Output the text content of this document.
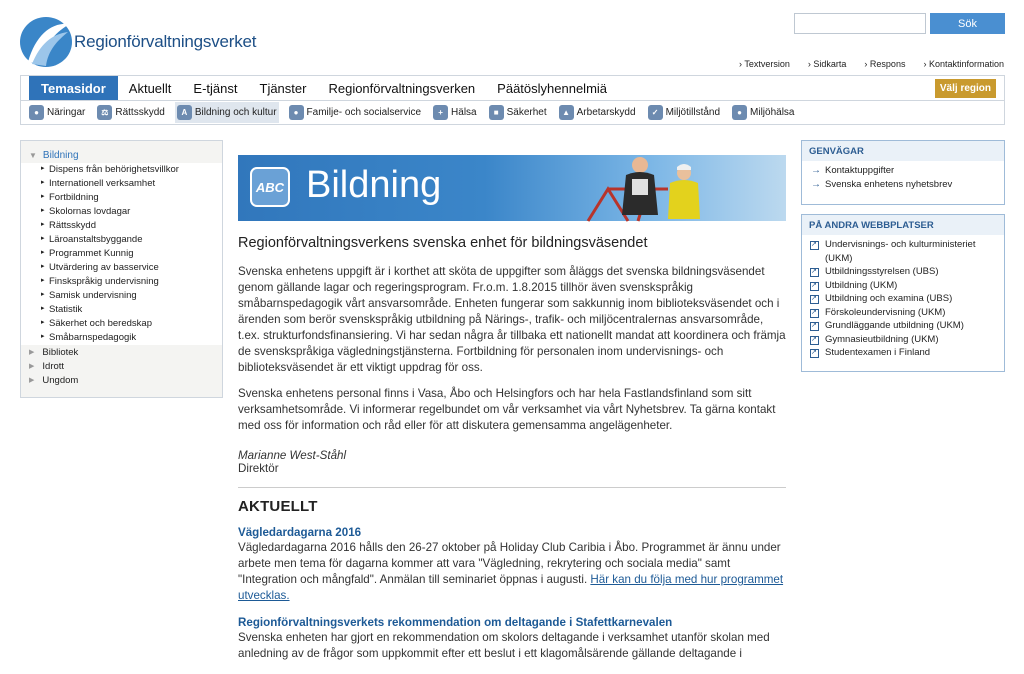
Regionförvaltningsverket
Sök
› Textversion	› Sidkarta	› Respons	› Kontaktinformation
Temasidor	Aktuellt	E-tjänst	Tjänster	Regionförvaltningsverken	Päätöslyhennelmiä	Välj region
● Näringar	⚖ Rättsskydd	A Bildning och kultur	● Familje- och socialservice	+ Hälsa	■ Säkerhet	▲ Arbetarskydd	✓ Miljötillstånd	● Miljöhälsa
▼ Bildning
▸ Dispens från behörighetsvillkor
▸ Internationell verksamhet
▸ Fortbildning
▸ Skolornas lovdagar
▸ Rättsskydd
▸ Läroanstaltsbyggande
▸ Programmet Kunnig
▸ Utvärdering av basservice
▸ Finskspråkig undervisning
▸ Samisk undervisning
▸ Statistik
▸ Säkerhet och beredskap
▸ Småbarnspedagogik
▶ Bibliotek
▶ Idrott
▶ Ungdom
ABC Bildning
Regionförvaltningsverkens svenska enhet för bildningsväsendet

Svenska enhetens uppgift är i korthet att sköta de uppgifter som åläggs det svenska bildningsväsendet genom gällande lagar och regeringsprogram. Fr.o.m. 1.8.2015 tillhör även svenskspråkig småbarnspedagogik vårt ansvarsområde. Enheten fungerar som sakkunnig inom biblioteksväsendet och i ärenden som berör svenskspråkig utbildning på Närings-, trafik- och miljöcentralernas ansvarsområde, t.ex. strukturfondsfinansiering. Vi har sedan några år tillbaka ett nationellt mandat att koordinera och främja de svenskspråkiga vägledningstjänsterna. Fortbildning för personalen inom undervisnings- och biblioteksväsendet är ett viktigt uppdrag för oss.

Svenska enhetens personal finns i Vasa, Åbo och Helsingfors och har hela Fastlandsfinland som sitt verksamhetsområde. Vi informerar regelbundet om vår verksamhet via vårt Nyhetsbrev. Ta gärna kontakt med oss för information och råd eller för att diskutera gemensamma angelägenheter.

Marianne West-Ståhl
Direktör
AKTUELLT
Vägledardagarna 2016
Vägledardagarna 2016 hålls den 26-27 oktober på Holiday Club Caribia i Åbo. Programmet är ännu under arbete men tema för dagarna kommer att vara "Vägledning, rekrytering och sociala media" samt "Integration och mångfald". Anmälan till seminariet öppnas i augusti. Här kan du följa med hur programmet utvecklas.
Regionförvaltningsverkets rekommendation om deltagande i Stafettkarnevalen
Svenska enheten har gjort en rekommendation om skolors deltagande i verksamhet utanför skolan med anledning av de frågor som uppkommit efter ett beslut i ett klagomålsärende gällande deltagande i
GENVÄGAR
→ Kontaktuppgifter
→ Svenska enhetens nyhetsbrev
PÅ ANDRA WEBBPLATSER
↗ Undervisnings- och kulturministeriet (UKM)
↗ Utbildningsstyrelsen (UBS)
↗ Utbildning (UKM)
↗ Utbildning och examina (UBS)
↗ Förskoleundervisning (UKM)
↗ Grundläggande utbildning (UKM)
↗ Gymnasieutbildning (UKM)
↗ Studentexamen i Finland
